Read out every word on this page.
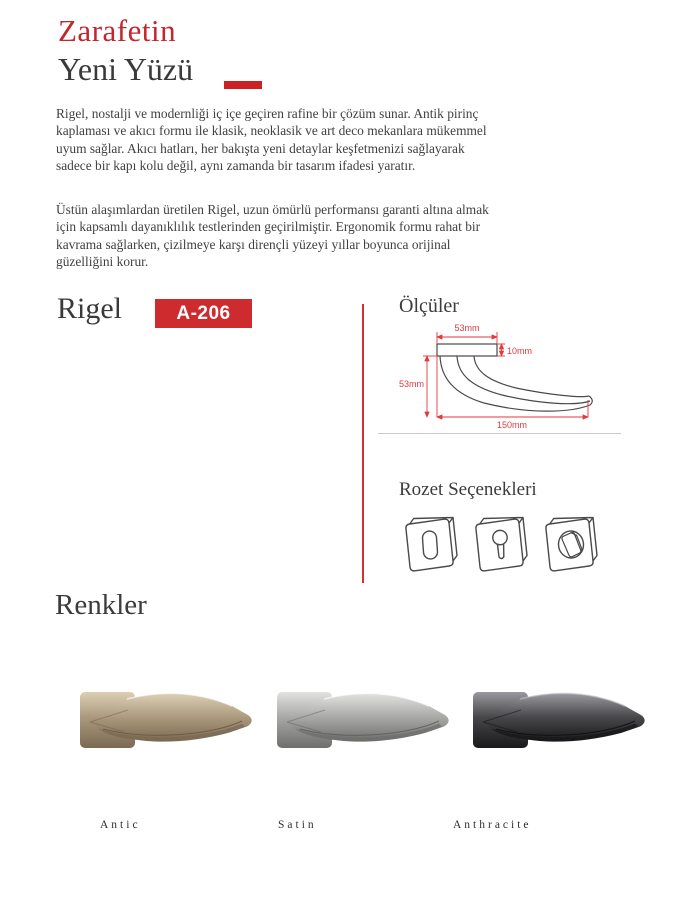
Zarafetin
Yeni Yüzü

Rigel, nostalji ve modernliği iç içe geçiren rafine bir çözüm sunar. Antik pirinç kaplaması ve akıcı formu ile klasik, neoklasik ve art deco mekanlara mükemmel uyum sağlar. Akıcı hatları, her bakışta yeni detaylar keşfetmenizi sağlayarak sadece bir kapı kolu değil, aynı zamanda bir tasarım ifadesi yaratır.

Üstün alaşımlardan üretilen Rigel, uzun ömürlü performansı garanti altına almak için kapsamlı dayanıklılık testlerinden geçirilmiştir. Ergonomik formu rahat bir kavrama sağlarken, çizilmeye karşı dirençli yüzeyi yıllar boyunca orijinal güzelliğini korur.

Rigel	A-206	Ölçüler
53mm
10mm
53mm
150mm
Rozet Seçenekleri
Renkler
Antic	Satin	Anthracite
